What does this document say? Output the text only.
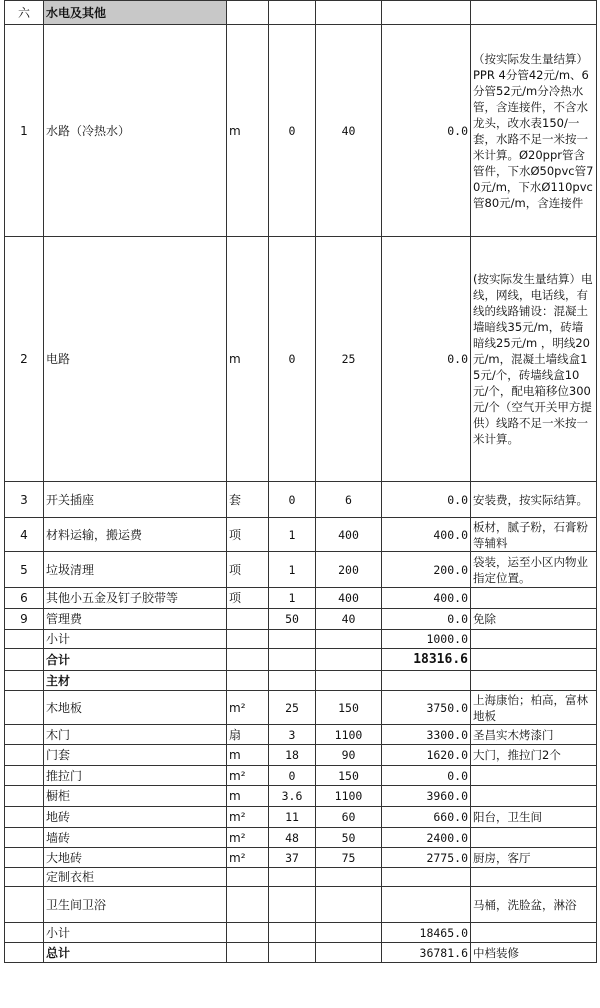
六	水电及其他					
1	水路（冷热水）	m	0	40	0.0	（按实际发生量结算）PPR 4分管42元/m、6分管52元/m分冷热水管，含连接件，不含水龙头，改水表150/一套，水路不足一米按一米计算。Ø20ppr管含管件，下水Ø50pvc管70元/m，下水Ø110pvc管80元/m，含连接件
2	电路	m	0	25	0.0	(按实际发生量结算）电线，网线，电话线，有线的线路铺设：混凝土墙暗线35元/m，砖墙暗线25元/m ，明线20元/m，混凝土墙线盒15元/个，砖墙线盒10元/个，配电箱移位300元/个（空气开关甲方提供）线路不足一米按一米计算。
3	开关插座	套	0	6	0.0	安装费，按实际结算。
4	材料运输，搬运费	项	1	400	400.0	板材，腻子粉，石膏粉等辅料
5	垃圾清理	项	1	200	200.0	袋装，运至小区内物业指定位置。
6	其他小五金及钉子胶带等	项	1	400	400.0	
9	管理费		50	40	0.0	免除
	小计				1000.0	
	合计				18316.6	
	主材					
	木地板	m²	25	150	3750.0	上海康怡；柏高，富林地板
	木门	扇	3	1100	3300.0	圣昌实木烤漆门
	门套	m	18	90	1620.0	大门，推拉门2个
	推拉门	m²	0	150	0.0	
	橱柜	m	3.6	1100	3960.0	
	地砖	m²	11	60	660.0	阳台，卫生间
	墙砖	m²	48	50	2400.0	
	大地砖	m²	37	75	2775.0	厨房，客厅
	定制衣柜					
	卫生间卫浴					马桶，洗脸盆，淋浴
	小计				18465.0	
	总计				36781.6	中档装修
